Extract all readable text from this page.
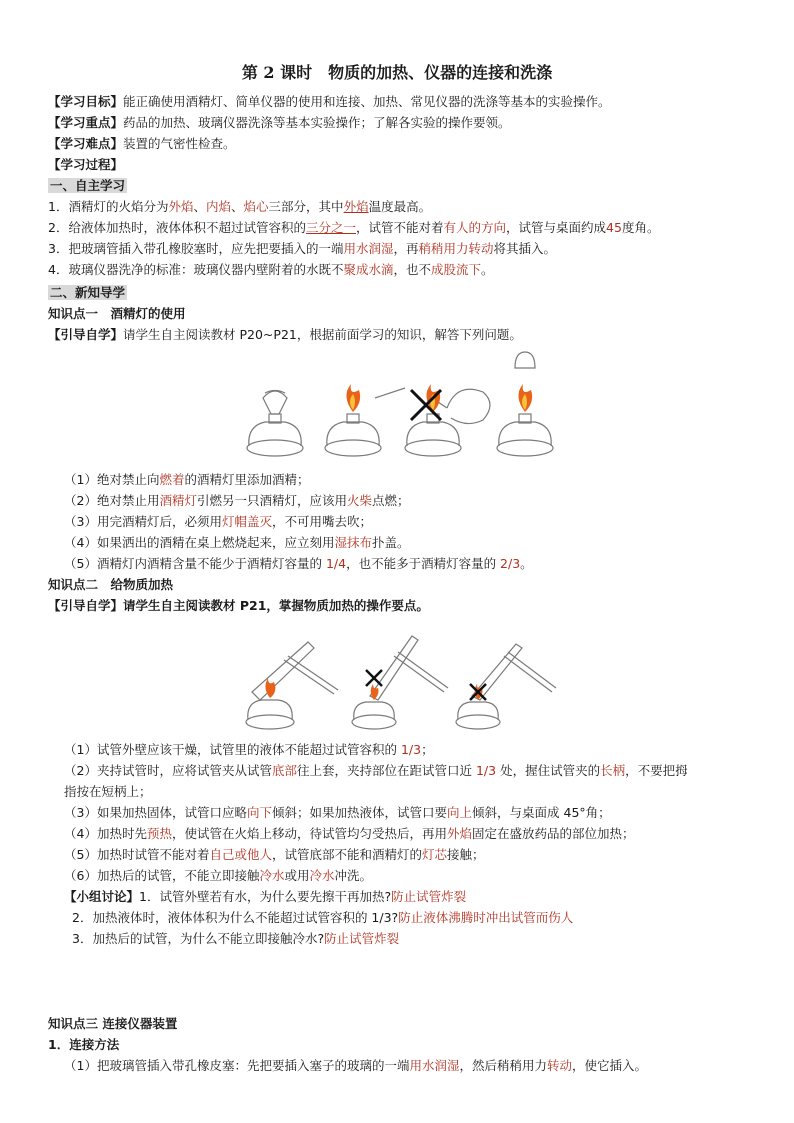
第 2 课时　物质的加热、仪器的连接和洗涤
【学习目标】能正确使用酒精灯、简单仪器的使用和连接、加热、常见仪器的洗涤等基本的实验操作。
【学习重点】药品的加热、玻璃仪器洗涤等基本实验操作；了解各实验的操作要领。
【学习难点】装置的气密性检查。
【学习过程】
一、自主学习
1．酒精灯的火焰分为外焰、内焰、焰心三部分，其中外焰温度最高。
2．给液体加热时，液体体积不超过试管容积的三分之一，试管不能对着有人的方向，试管与桌面约成45度角。
3．把玻璃管插入带孔橡胶塞时，应先把要插入的一端用水润湿，再稍稍用力转动将其插入。
4．玻璃仪器洗净的标准：玻璃仪器内壁附着的水既不聚成水滴，也不成股流下。
二、新知导学
知识点一　酒精灯的使用
【引导自学】请学生自主阅读教材 P20~P21，根据前面学习的知识，解答下列问题。
（1）绝对禁止向燃着的酒精灯里添加酒精；
（2）绝对禁止用酒精灯引燃另一只酒精灯，应该用火柴点燃；
（3）用完酒精灯后，必须用灯帽盖灭，不可用嘴去吹；
（4）如果洒出的酒精在桌上燃烧起来，应立刻用湿抹布扑盖。
（5）酒精灯内酒精含量不能少于酒精灯容量的 1/4，也不能多于酒精灯容量的 2/3。
知识点二　给物质加热
【引导自学】请学生自主阅读教材 P21，掌握物质加热的操作要点。
（1）试管外壁应该干燥，试管里的液体不能超过试管容积的 1/3；
（2）夹持试管时，应将试管夹从试管底部往上套，夹持部位在距试管口近 1/3 处，握住试管夹的长柄，不要把拇
指按在短柄上；
（3）如果加热固体，试管口应略向下倾斜；如果加热液体，试管口要向上倾斜，与桌面成 45°角；
（4）加热时先预热，使试管在火焰上移动，待试管均匀受热后，再用外焰固定在盛放药品的部位加热；
（5）加热时试管不能对着自己或他人，试管底部不能和酒精灯的灯芯接触；
（6）加热后的试管，不能立即接触冷水或用冷水冲洗。
【小组讨论】1．试管外壁若有水，为什么要先擦干再加热?防止试管炸裂
2．加热液体时，液体体积为什么不能超过试管容积的 1/3?防止液体沸腾时冲出试管而伤人
3．加热后的试管，为什么不能立即接触冷水?防止试管炸裂
知识点三 连接仪器装置
1．连接方法
（1）把玻璃管插入带孔橡皮塞：先把要插入塞子的玻璃的一端用水润湿，然后稍稍用力转动，使它插入。
